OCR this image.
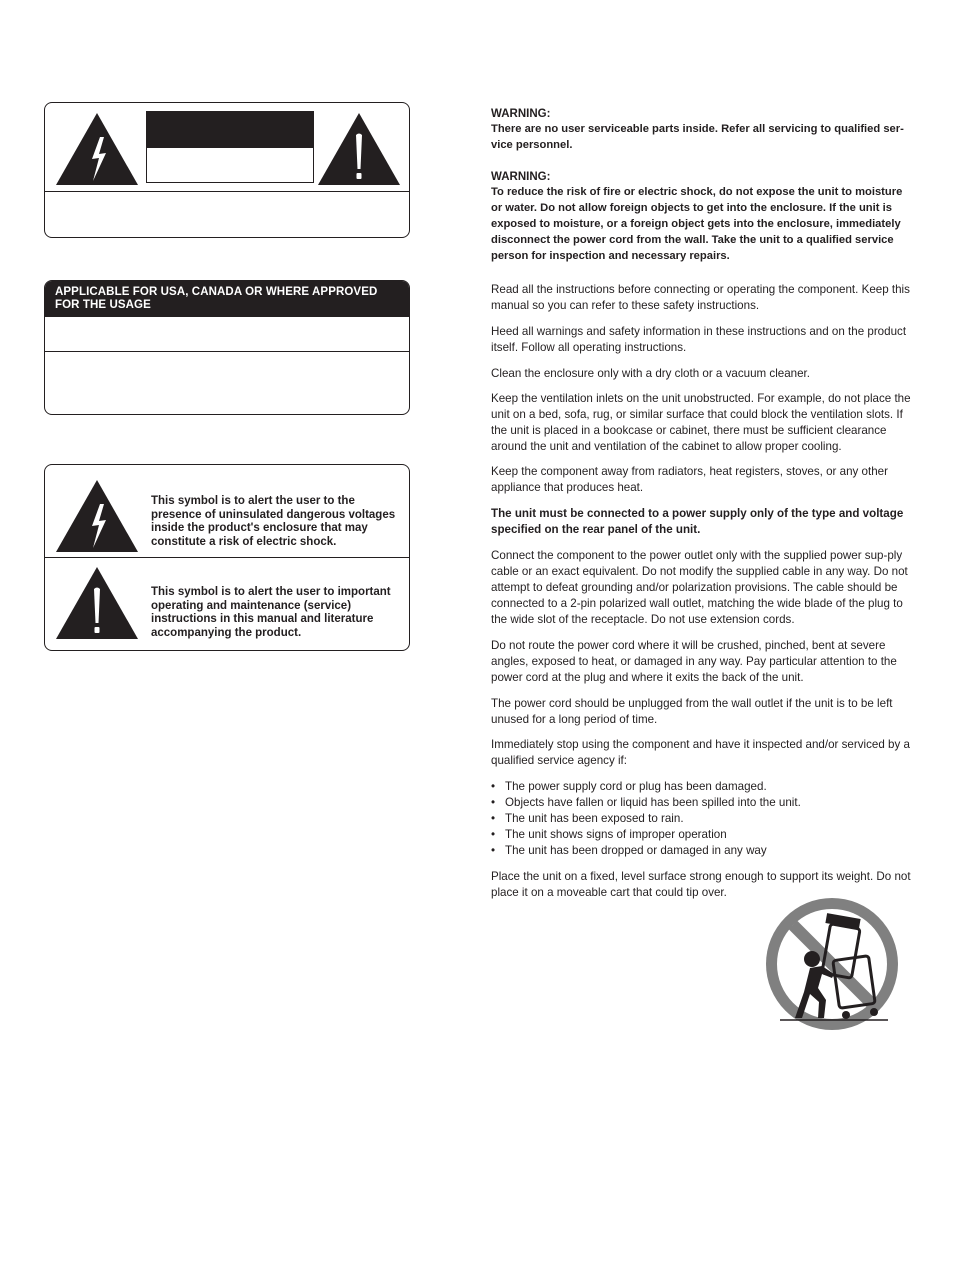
APPLICABLE FOR USA, CANADA OR WHERE APPROVED FOR THE USAGE
This symbol is to alert the user to the presence of uninsulated dangerous voltages inside the product's enclosure that may constitute a risk of electric shock.
This symbol is to alert the user to important operating and maintenance (service) instructions in this manual and literature accompanying the product.
WARNING:
There are no user serviceable parts inside. Refer all servicing to qualified ser-vice personnel.
WARNING:
To reduce the risk of fire or electric shock, do not expose the unit to moisture or water. Do not allow foreign objects to get into the enclosure. If the unit is exposed to moisture, or a foreign object gets into the enclosure, immediately disconnect the power cord from the wall. Take the unit to a qualified service person for inspection and necessary repairs.

Read all the instructions before connecting or operating the component. Keep this manual so you can refer to these safety instructions.

Heed all warnings and safety information in these instructions and on the product itself. Follow all operating instructions.

Clean the enclosure only with a dry cloth or a vacuum cleaner.

Keep the ventilation inlets on the unit unobstructed. For example, do not place the unit on a bed, sofa, rug, or similar surface that could block the ventilation slots. If the unit is placed in a bookcase or cabinet, there must be sufficient clearance around the unit and ventilation of the cabinet to allow proper cooling.

Keep the component away from radiators, heat registers, stoves, or any other appliance that produces heat.

The unit must be connected to a power supply only of the type and voltage specified on the rear panel of the unit.

Connect the component to the power outlet only with the supplied power sup-ply cable or an exact equivalent. Do not modify the supplied cable in any way. Do not attempt to defeat grounding and/or polarization provisions. The cable should be connected to a 2-pin polarized wall outlet, matching the wide blade of the plug to the wide slot of the receptacle. Do not use extension cords.

Do not route the power cord where it will be crushed, pinched, bent at severe angles, exposed to heat, or damaged in any way. Pay particular attention to the power cord at the plug and where it exits the back of the unit.

The power cord should be unplugged from the wall outlet if the unit is to be left unused for a long period of time.

Immediately stop using the component and have it inspected and/or serviced by a qualified service agency if:

• The power supply cord or plug has been damaged.
• Objects have fallen or liquid has been spilled into the unit.
• The unit has been exposed to rain.
• The unit shows signs of improper operation
• The unit has been dropped or damaged in any way

Place the unit on a fixed, level surface strong enough to support its weight. Do not place it on a moveable cart that could tip over.
